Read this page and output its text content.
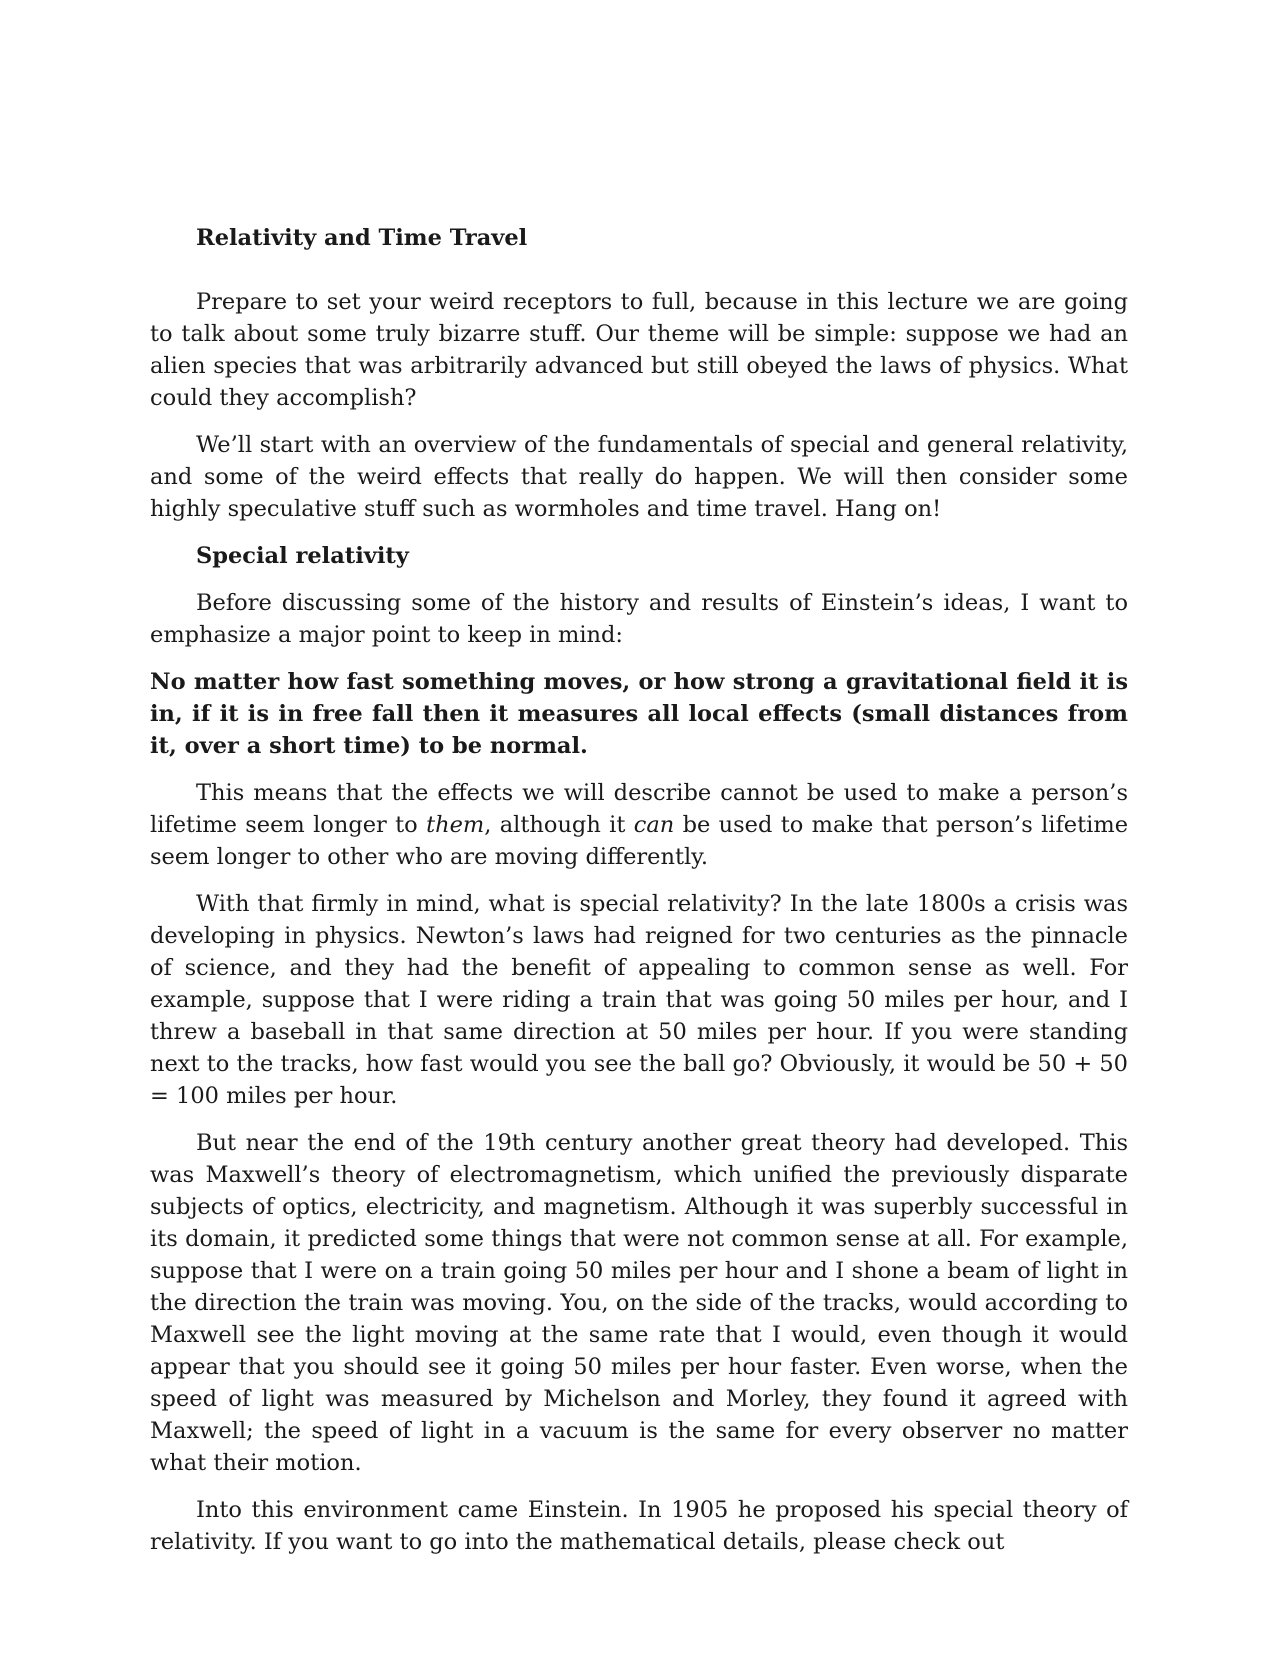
Relativity and Time Travel

Prepare to set your weird receptors to full, because in this lecture we are going to talk about some truly bizarre stuff. Our theme will be simple: suppose we had an alien species that was arbitrarily advanced but still obeyed the laws of physics. What could they accomplish?

We’ll start with an overview of the fundamentals of special and general relativity, and some of the weird effects that really do happen. We will then consider some highly speculative stuff such as wormholes and time travel. Hang on!

Special relativity

Before discussing some of the history and results of Einstein’s ideas, I want to emphasize a major point to keep in mind:

No matter how fast something moves, or how strong a gravitational field it is in, if it is in free fall then it measures all local effects (small distances from it, over a short time) to be normal.

This means that the effects we will describe cannot be used to make a person’s lifetime seem longer to them, although it can be used to make that person’s lifetime seem longer to other who are moving differently.

With that firmly in mind, what is special relativity? In the late 1800s a crisis was developing in physics. Newton’s laws had reigned for two centuries as the pinnacle of science, and they had the benefit of appealing to common sense as well. For example, suppose that I were riding a train that was going 50 miles per hour, and I threw a baseball in that same direction at 50 miles per hour. If you were standing next to the tracks, how fast would you see the ball go? Obviously, it would be 50 + 50 = 100 miles per hour.

But near the end of the 19th century another great theory had developed. This was Maxwell’s theory of electromagnetism, which unified the previously disparate subjects of optics, electricity, and magnetism. Although it was superbly successful in its domain, it predicted some things that were not common sense at all. For example, suppose that I were on a train going 50 miles per hour and I shone a beam of light in the direction the train was moving. You, on the side of the tracks, would according to Maxwell see the light moving at the same rate that I would, even though it would appear that you should see it going 50 miles per hour faster. Even worse, when the speed of light was measured by Michelson and Morley, they found it agreed with Maxwell; the speed of light in a vacuum is the same for every observer no matter what their motion.

Into this environment came Einstein. In 1905 he proposed his special theory of relativity. If you want to go into the mathematical details, please check out
